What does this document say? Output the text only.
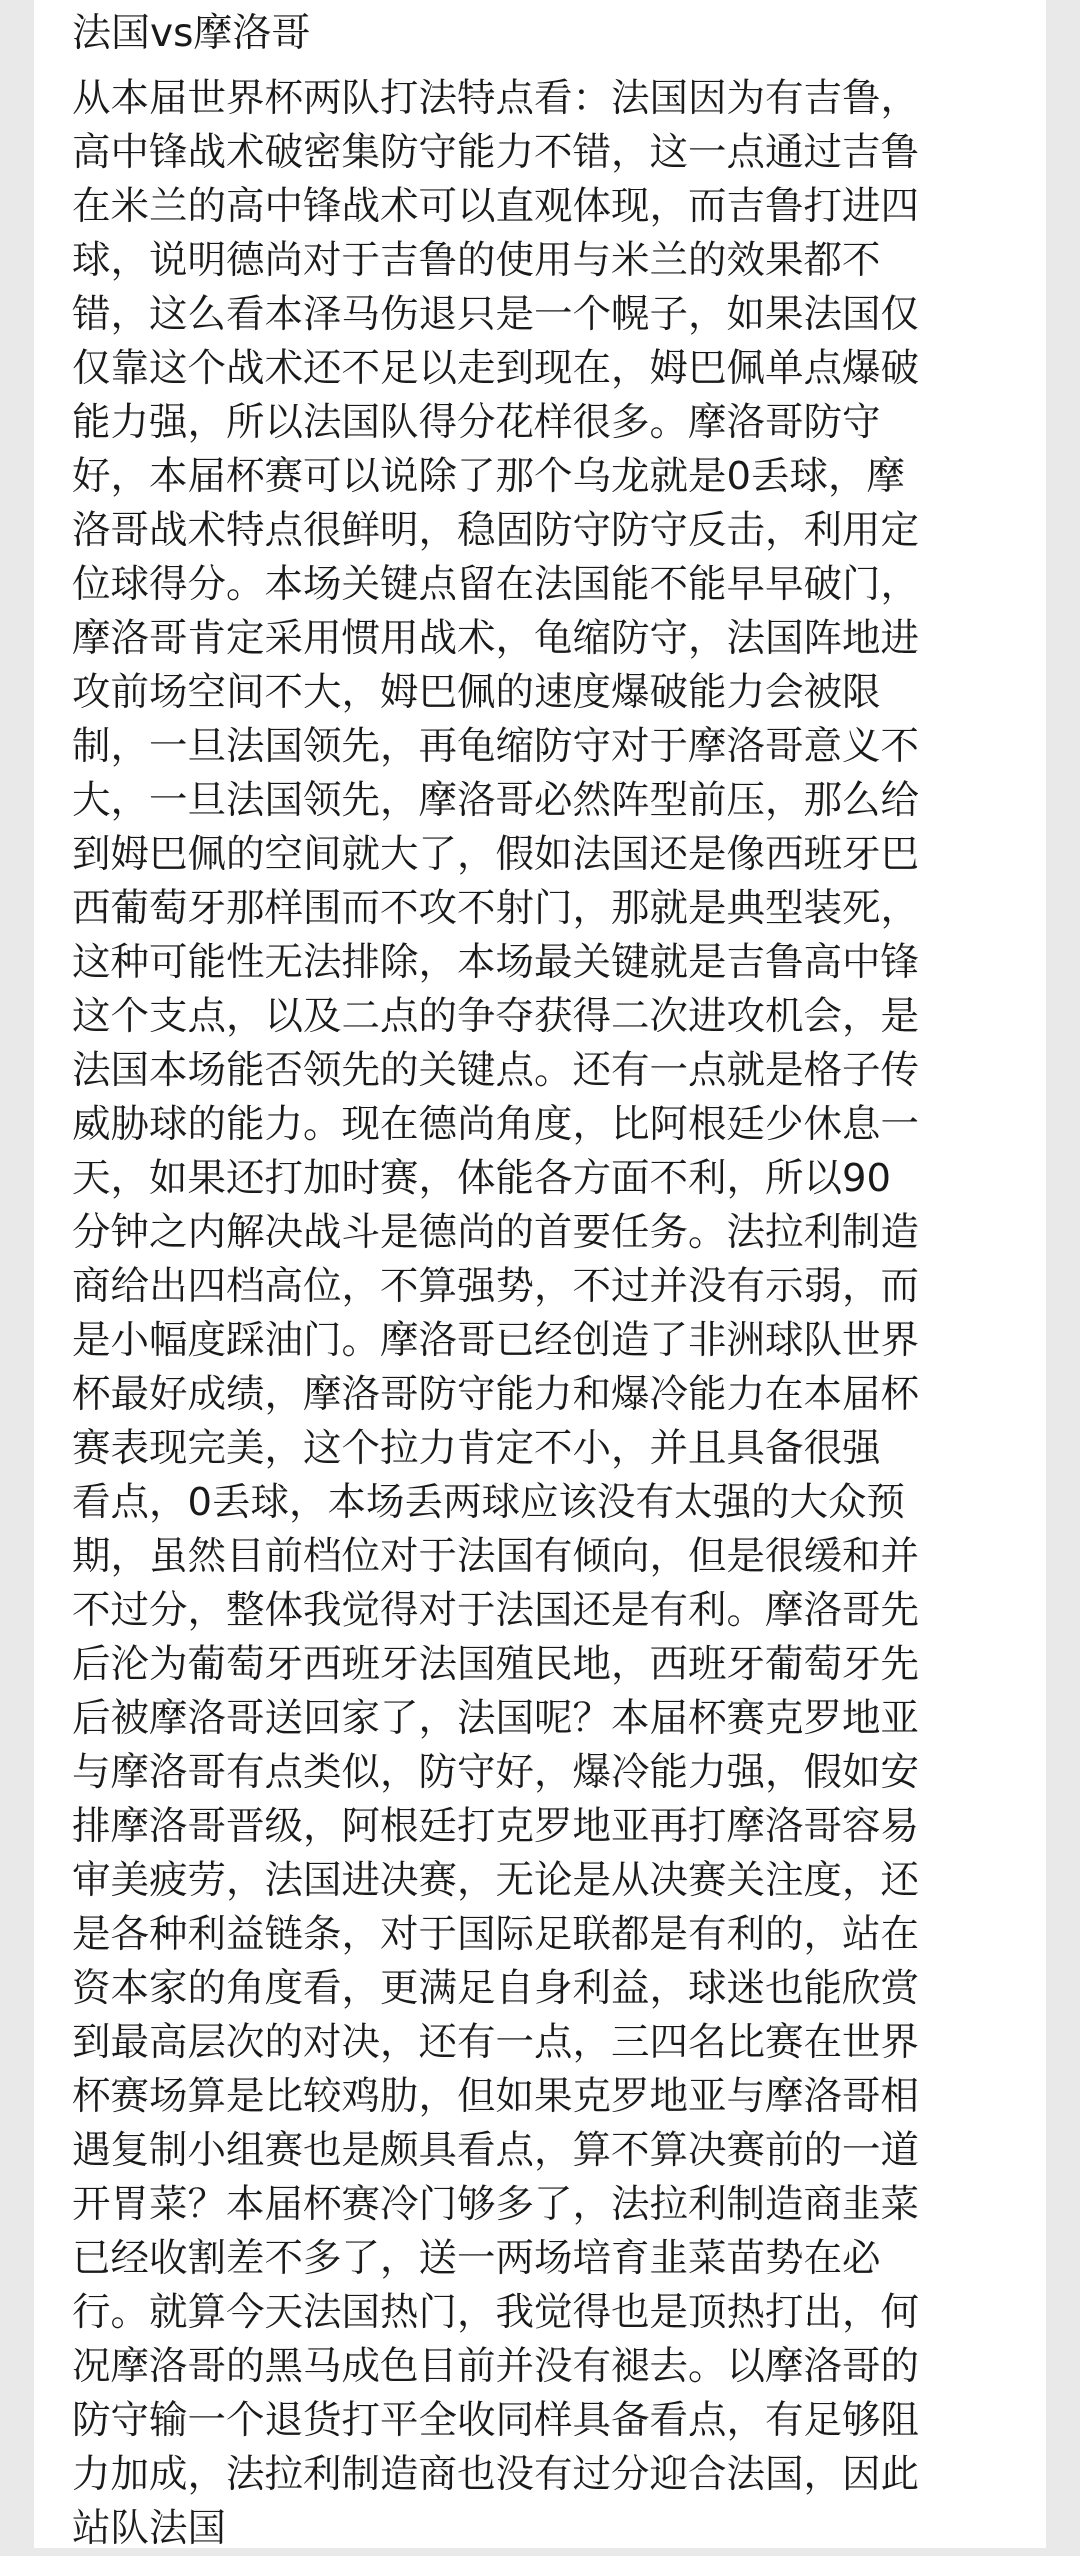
法国vs摩洛哥
从本届世界杯两队打法特点看：法国因为有吉鲁，
高中锋战术破密集防守能力不错，这一点通过吉鲁
在米兰的高中锋战术可以直观体现，而吉鲁打进四
球，说明德尚对于吉鲁的使用与米兰的效果都不
错，这么看本泽马伤退只是一个幌子，如果法国仅
仅靠这个战术还不足以走到现在，姆巴佩单点爆破
能力强，所以法国队得分花样很多。摩洛哥防守
好，本届杯赛可以说除了那个乌龙就是0丢球，摩
洛哥战术特点很鲜明，稳固防守防守反击，利用定
位球得分。本场关键点留在法国能不能早早破门，
摩洛哥肯定采用惯用战术，龟缩防守，法国阵地进
攻前场空间不大，姆巴佩的速度爆破能力会被限
制，一旦法国领先，再龟缩防守对于摩洛哥意义不
大，一旦法国领先，摩洛哥必然阵型前压，那么给
到姆巴佩的空间就大了，假如法国还是像西班牙巴
西葡萄牙那样围而不攻不射门，那就是典型装死，
这种可能性无法排除，本场最关键就是吉鲁高中锋
这个支点，以及二点的争夺获得二次进攻机会，是
法国本场能否领先的关键点。还有一点就是格子传
威胁球的能力。现在德尚角度，比阿根廷少休息一
天，如果还打加时赛，体能各方面不利，所以90
分钟之内解决战斗是德尚的首要任务。法拉利制造
商给出四档高位，不算强势，不过并没有示弱，而
是小幅度踩油门。摩洛哥已经创造了非洲球队世界
杯最好成绩，摩洛哥防守能力和爆冷能力在本届杯
赛表现完美，这个拉力肯定不小，并且具备很强
看点，0丢球，本场丢两球应该没有太强的大众预
期，虽然目前档位对于法国有倾向，但是很缓和并
不过分，整体我觉得对于法国还是有利。摩洛哥先
后沦为葡萄牙西班牙法国殖民地，西班牙葡萄牙先
后被摩洛哥送回家了，法国呢？本届杯赛克罗地亚
与摩洛哥有点类似，防守好，爆冷能力强，假如安
排摩洛哥晋级，阿根廷打克罗地亚再打摩洛哥容易
审美疲劳，法国进决赛，无论是从决赛关注度，还
是各种利益链条，对于国际足联都是有利的，站在
资本家的角度看，更满足自身利益，球迷也能欣赏
到最高层次的对决，还有一点，三四名比赛在世界
杯赛场算是比较鸡肋，但如果克罗地亚与摩洛哥相
遇复制小组赛也是颇具看点，算不算决赛前的一道
开胃菜？本届杯赛冷门够多了，法拉利制造商韭菜
已经收割差不多了，送一两场培育韭菜苗势在必
行。就算今天法国热门，我觉得也是顶热打出，何
况摩洛哥的黑马成色目前并没有褪去。以摩洛哥的
防守输一个退货打平全收同样具备看点，有足够阻
力加成，法拉利制造商也没有过分迎合法国，因此
站队法国
